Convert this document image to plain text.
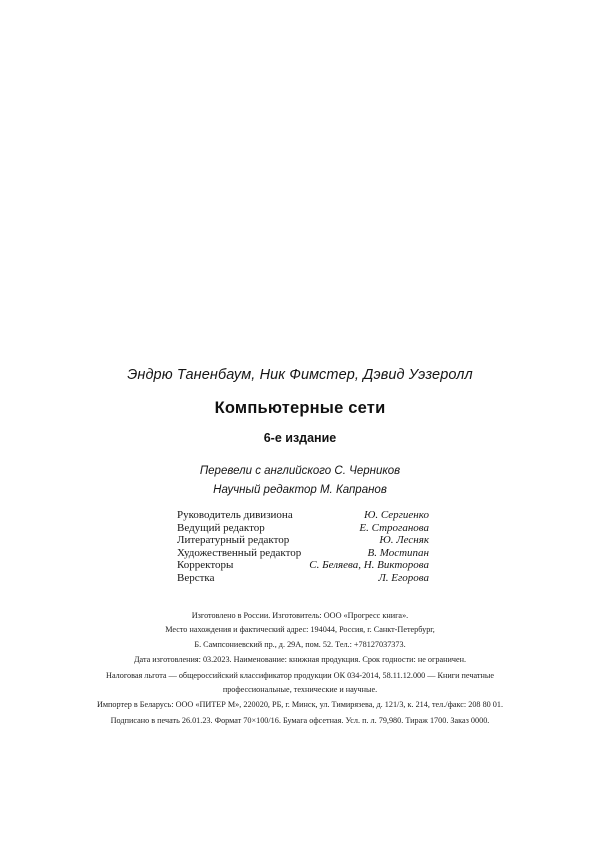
Эндрю Таненбаум, Ник Фимстер, Дэвид Уэзеролл
Компьютерные сети
6-е издание
Перевели с английского С. Черников
Научный редактор М. Капранов
Руководитель дивизиона	Ю. Сергиенко
Ведущий редактор	Е. Строганова
Литературный редактор	Ю. Лесняк
Художественный редактор	В. Мостипан
Корректоры	С. Беляева, Н. Викторова
Верстка	Л. Егорова
Изготовлено в России. Изготовитель: ООО «Прогресс книга».
Место нахождения и фактический адрес: 194044, Россия, г. Санкт-Петербург,
Б. Сампсониевский пр., д. 29А, пом. 52. Тел.: +78127037373.
Дата изготовления: 03.2023. Наименование: книжная продукция. Срок годности: не ограничен.
Налоговая льгота — общероссийский классификатор продукции ОК 034-2014, 58.11.12.000 — Книги печатные
профессиональные, технические и научные.
Импортер в Беларусь: ООО «ПИТЕР М», 220020, РБ, г. Минск, ул. Тимирязева, д. 121/3, к. 214, тел./факс: 208 80 01.
Подписано в печать 26.01.23. Формат 70×100/16. Бумага офсетная. Усл. п. л. 79,980. Тираж 1700. Заказ 0000.
